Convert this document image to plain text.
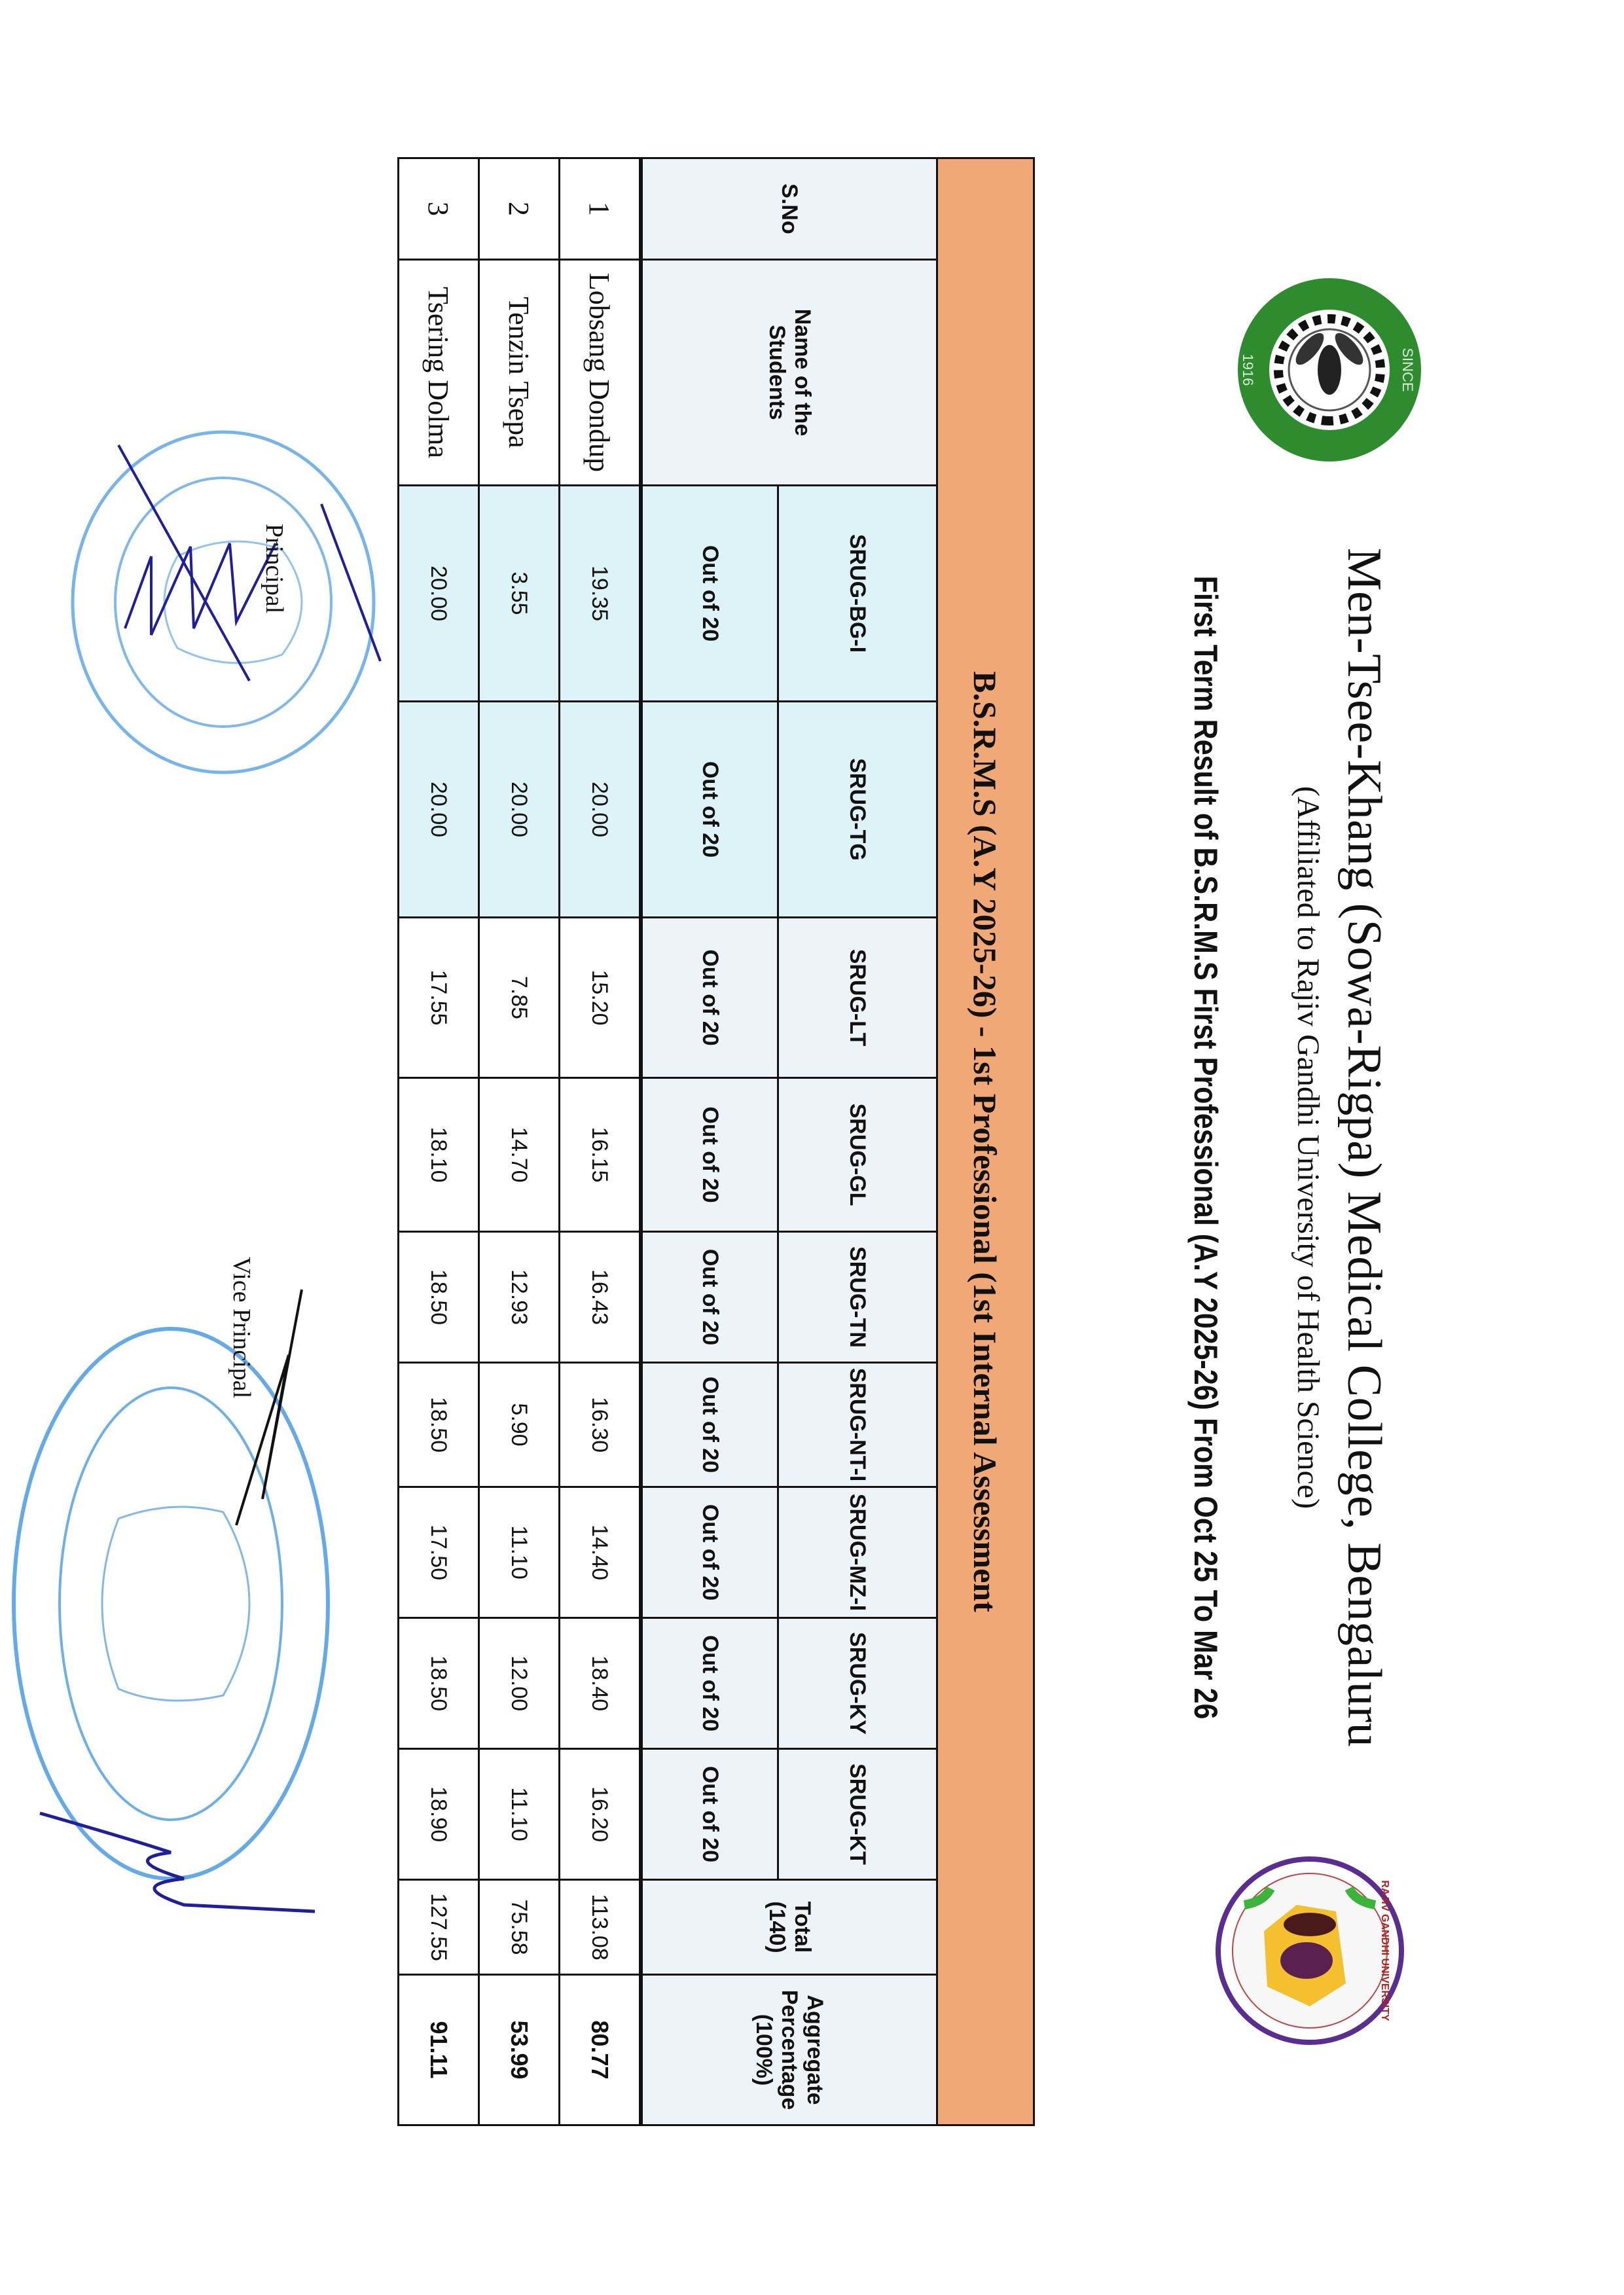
SINCE
1916
RAJIV GANDHI UNIVERSITY
Men-Tsee-Khang (Sowa-Rigpa) Medical College, Bengaluru
(Affiliated to Rajiv Gandhi University of Health Science)
First Term Result of B.S.R.M.S First Professional (A.Y 2025-26) From Oct 25 To Mar 26
B.S.R.M.S (A.Y 2025-26) - 1st Professional (1st Internal Assessment												
S.No	Name of the Students	SRUG-BG-I	SRUG-TG	SRUG-LT	SRUG-GL	SRUG-TN	SRUG-NT-I	SRUG-MZ-I	SRUG-KY	SRUG-KT	Total (140)	Aggregate Percentage (100%)
		Out of 20	Out of 20	Out of 20	Out of 20	Out of 20	Out of 20	Out of 20	Out of 20	Out of 20		
1	Lobsang Dondup	19.35	20.00	15.20	16.15	16.43	16.30	14.40	18.40	16.20	113.08	80.77
2	Tenzin Tsepa	3.55	20.00	7.85	14.70	12.93	5.90	11.10	12.00	11.10	75.58	53.99
3	Tsering Dolma	20.00	20.00	17.55	18.10	18.50	18.50	17.50	18.50	18.90	127.55	91.11
Principal
Vice Principal
